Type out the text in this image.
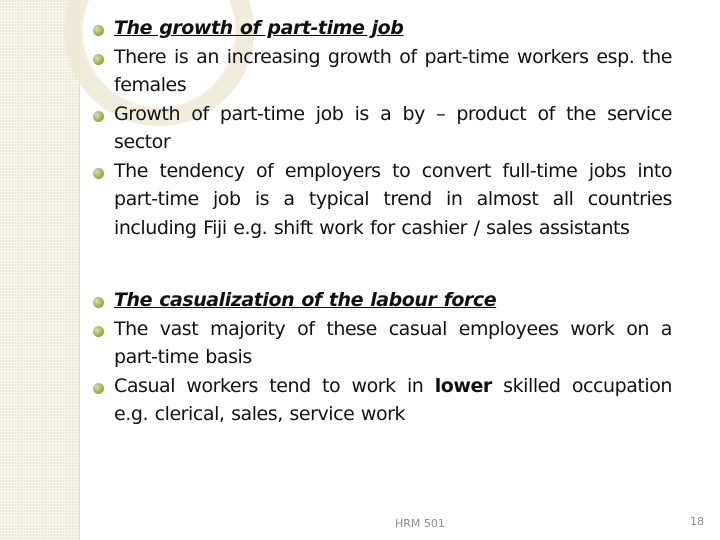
The growth of part-time job
There is an increasing growth of part-time workers esp. the females
Growth of part-time job is a by – product of the service sector
The tendency of employers to convert full-time jobs into part-time job is a typical trend in almost all countries including Fiji e.g. shift work for cashier / sales assistants
The casualization of the labour force
The vast majority of these casual employees work on a part-time basis
Casual workers tend to work in lower skilled occupation e.g. clerical, sales, service work
HRM 501	18
